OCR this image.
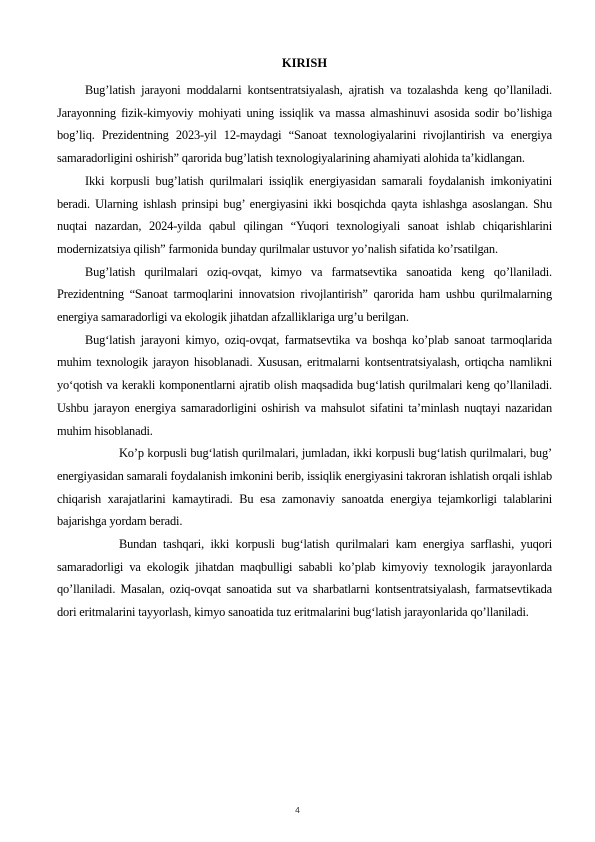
KIRISH

Bug’latish jarayoni moddalarni kontsentratsiyalash, ajratish va tozalashda keng qo’llaniladi. Jarayonning fizik-kimyoviy mohiyati uning issiqlik va massa almashinuvi asosida sodir bo’lishiga bog’liq. Prezidentning 2023-yil 12-maydagi “Sanoat texnologiyalarini rivojlantirish va energiya samaradorligini oshirish” qarorida bug’latish texnologiyalarining ahamiyati alohida ta’kidlangan.

Ikki korpusli bug’latish qurilmalari issiqlik energiyasidan samarali foydalanish imkoniyatini beradi. Ularning ishlash prinsipi bug’ energiyasini ikki bosqichda qayta ishlashga asoslangan. Shu nuqtai nazardan, 2024-yilda qabul qilingan “Yuqori texnologiyali sanoat ishlab chiqarishlarini modernizatsiya qilish” farmonida bunday qurilmalar ustuvor yo’nalish sifatida ko’rsatilgan.

Bug’latish qurilmalari oziq-ovqat, kimyo va farmatsevtika sanoatida keng qo’llaniladi. Prezidentning “Sanoat tarmoqlarini innovatsion rivojlantirish” qarorida ham ushbu qurilmalarning energiya samaradorligi va ekologik jihatdan afzalliklariga urg’u berilgan.

Bug‘latish jarayoni kimyo, oziq-ovqat, farmatsevtika va boshqa ko’plab sanoat tarmoqlarida muhim texnologik jarayon hisoblanadi. Xususan, eritmalarni kontsentratsiyalash, ortiqcha namlikni yo‘qotish va kerakli komponentlarni ajratib olish maqsadida bug‘latish qurilmalari keng qo’llaniladi. Ushbu jarayon energiya samaradorligini oshirish va mahsulot sifatini ta’minlash nuqtayi nazaridan muhim hisoblanadi.

Ko’p korpusli bug‘latish qurilmalari, jumladan, ikki korpusli bug‘latish qurilmalari, bug’ energiyasidan samarali foydalanish imkonini berib, issiqlik energiyasini takroran ishlatish orqali ishlab chiqarish xarajatlarini kamaytiradi. Bu esa zamonaviy sanoatda energiya tejamkorligi talablarini bajarishga yordam beradi.

Bundan tashqari, ikki korpusli bug‘latish qurilmalari kam energiya sarflashi, yuqori samaradorligi va ekologik jihatdan maqbulligi sababli ko’plab kimyoviy texnologik jarayonlarda qo’llaniladi. Masalan, oziq-ovqat sanoatida sut va sharbatlarni kontsentratsiyalash, farmatsevtikada dori eritmalarini tayyorlash, kimyo sanoatida tuz eritmalarini bug‘latish jarayonlarida qo’llaniladi.

4
